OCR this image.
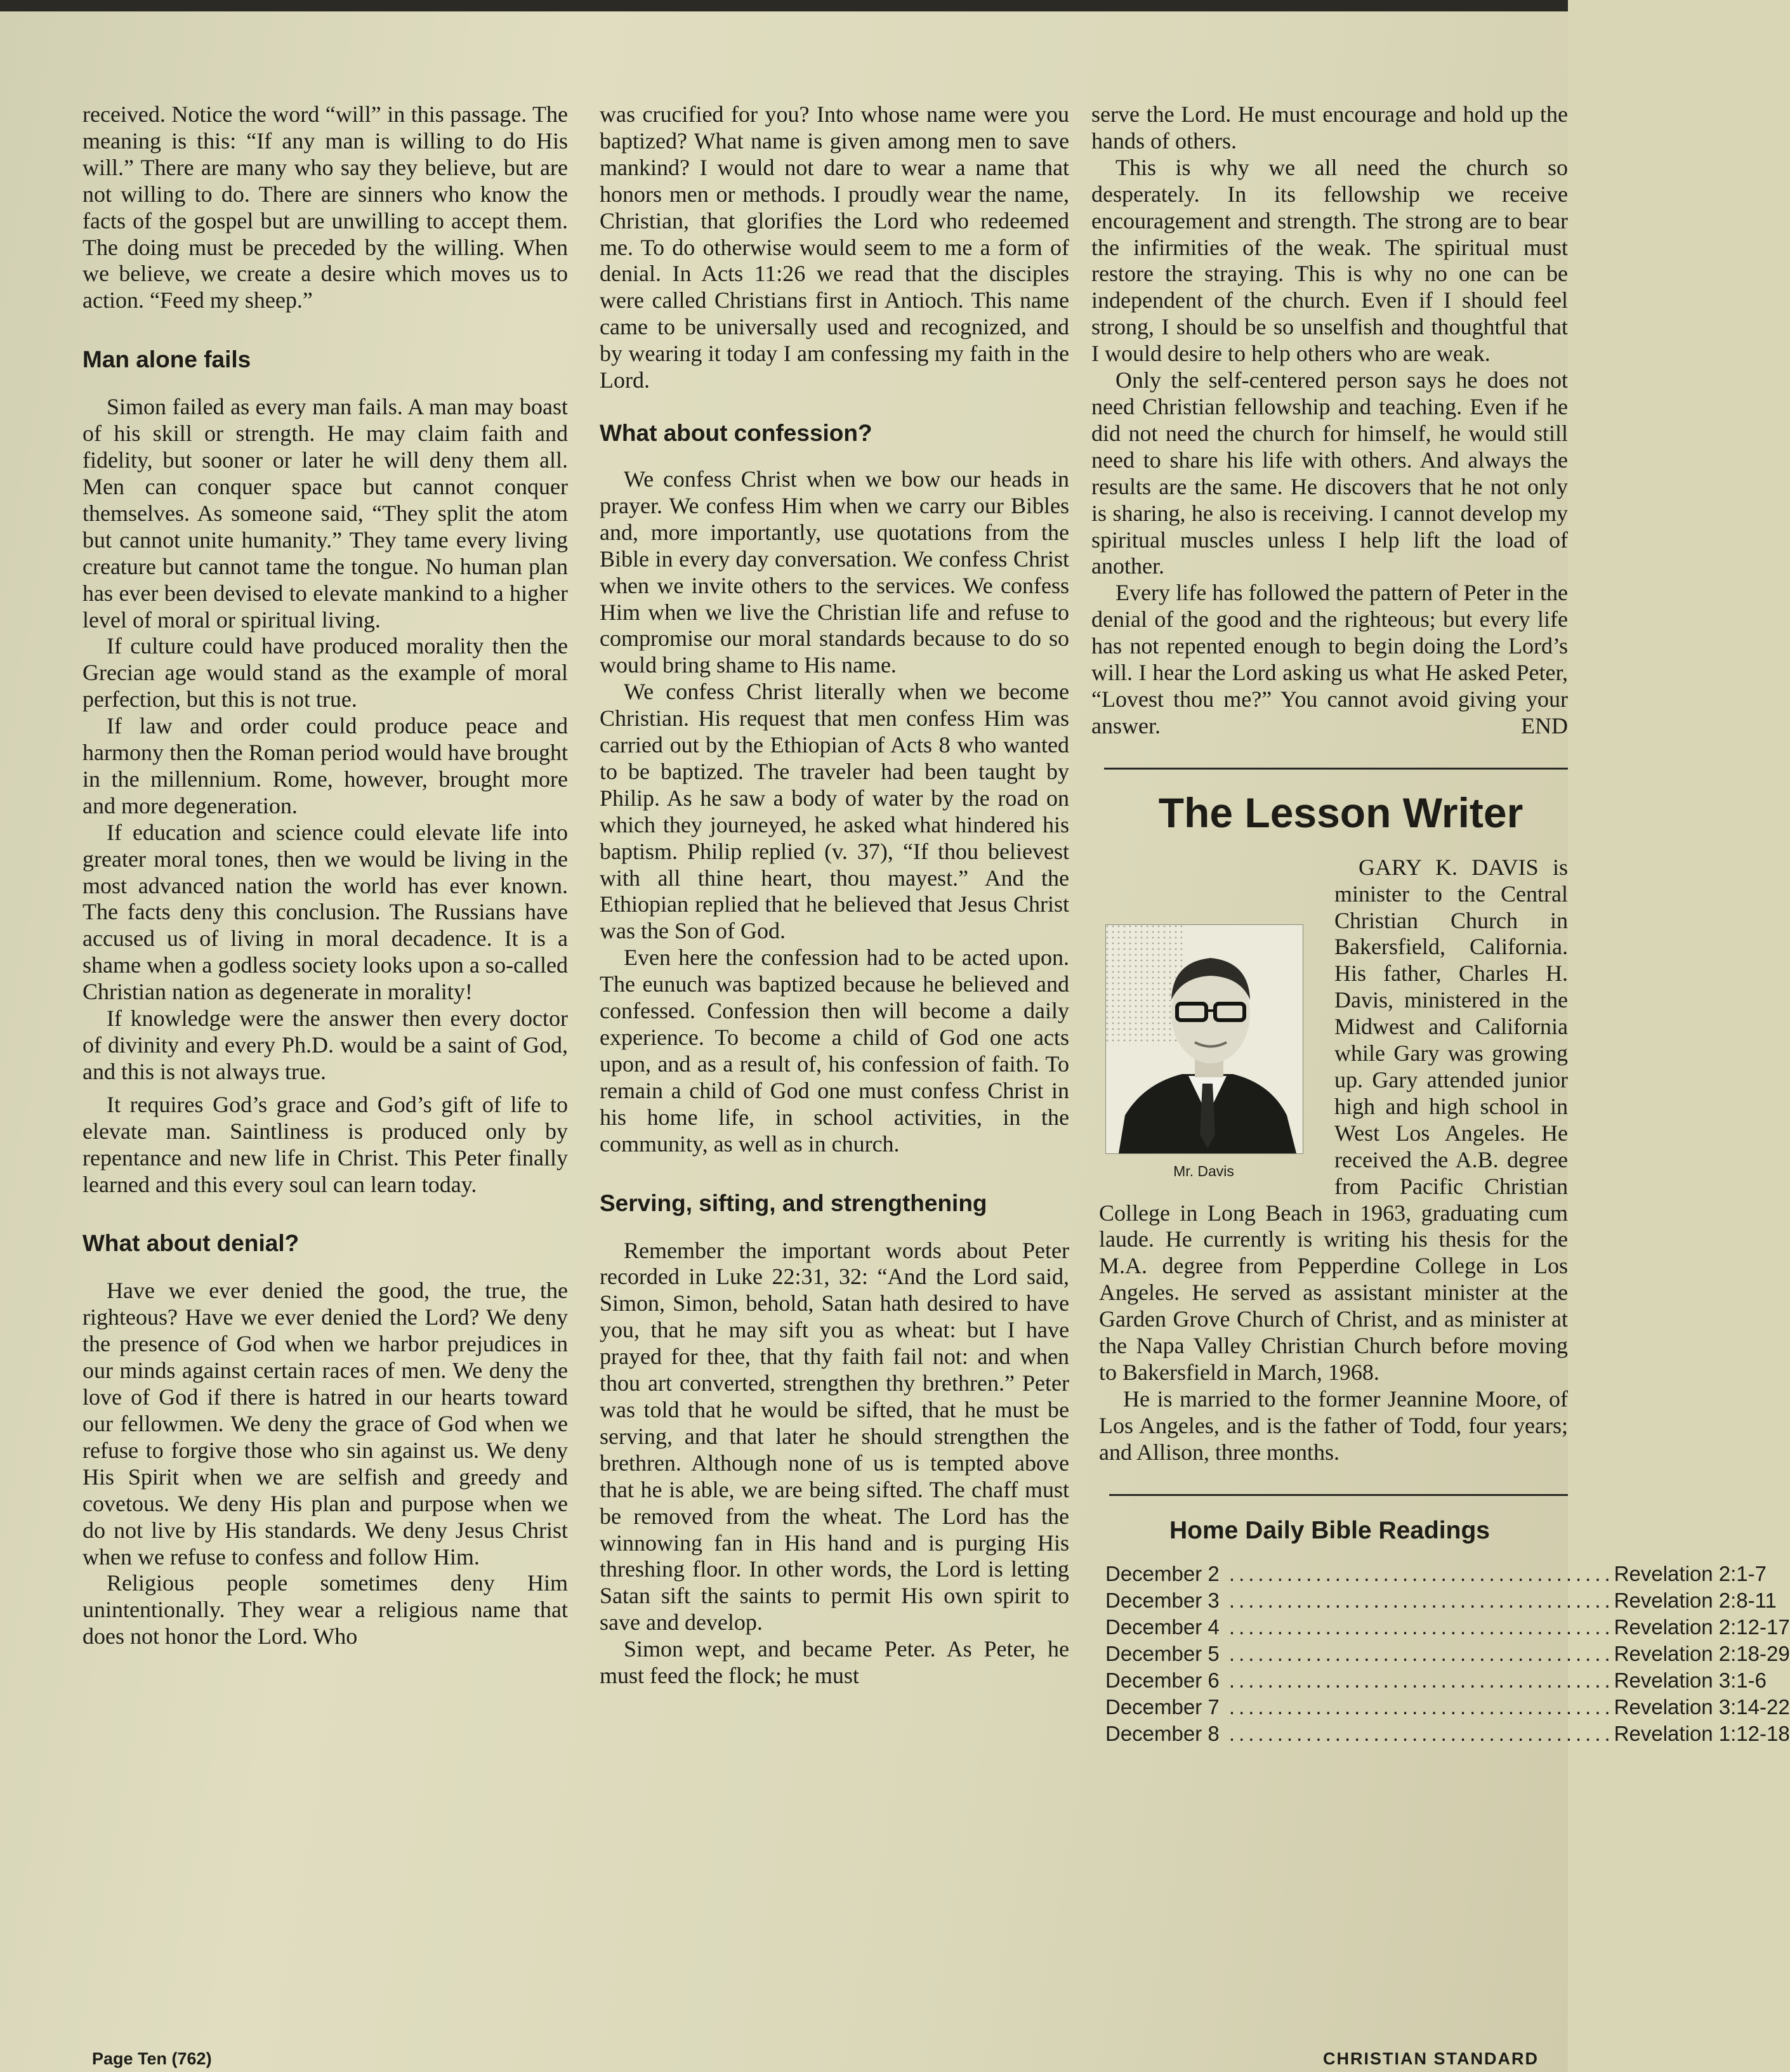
received. Notice the word “will” in this passage. The meaning is this: “If any man is willing to do His will.” There are many who say they believe, but are not willing to do. There are sinners who know the facts of the gospel but are unwilling to accept them. The doing must be preceded by the willing. When we believe, we create a desire which moves us to action. “Feed my sheep.”

Man alone fails

Simon failed as every man fails. A man may boast of his skill or strength. He may claim faith and fidelity, but sooner or later he will deny them all. Men can conquer space but cannot conquer themselves. As someone said, “They split the atom but cannot unite humanity.” They tame every living creature but cannot tame the tongue. No human plan has ever been devised to elevate mankind to a higher level of moral or spiritual living.

If culture could have produced morality then the Grecian age would stand as the example of moral perfection, but this is not true.

If law and order could produce peace and harmony then the Roman period would have brought in the millennium. Rome, however, brought more and more degeneration.

If education and science could elevate life into greater moral tones, then we would be living in the most advanced nation the world has ever known. The facts deny this conclusion. The Russians have accused us of living in moral decadence. It is a shame when a godless society looks upon a so-called Christian nation as degenerate in morality!

If knowledge were the answer then every doctor of divinity and every Ph.D. would be a saint of God, and this is not always true.

It requires God’s grace and God’s gift of life to elevate man. Saintliness is produced only by repentance and new life in Christ. This Peter finally learned and this every soul can learn today.

What about denial?

Have we ever denied the good, the true, the righteous? Have we ever denied the Lord? We deny the presence of God when we harbor prejudices in our minds against certain races of men. We deny the love of God if there is hatred in our hearts toward our fellowmen. We deny the grace of God when we refuse to forgive those who sin against us. We deny His Spirit when we are selfish and greedy and covetous. We deny His plan and purpose when we do not live by His standards. We deny Jesus Christ when we refuse to confess and follow Him.

Religious people sometimes deny Him unintentionally. They wear a religious name that does not honor the Lord. Who

was crucified for you? Into whose name were you baptized? What name is given among men to save mankind? I would not dare to wear a name that honors men or methods. I proudly wear the name, Christian, that glorifies the Lord who redeemed me. To do otherwise would seem to me a form of denial. In Acts 11:26 we read that the disciples were called Christians first in Antioch. This name came to be universally used and recognized, and by wearing it today I am confessing my faith in the Lord.

What about confession?

We confess Christ when we bow our heads in prayer. We confess Him when we carry our Bibles and, more importantly, use quotations from the Bible in every day conversation. We confess Christ when we invite others to the services. We confess Him when we live the Christian life and refuse to compromise our moral standards because to do so would bring shame to His name.

We confess Christ literally when we become Christian. His request that men confess Him was carried out by the Ethiopian of Acts 8 who wanted to be baptized. The traveler had been taught by Philip. As he saw a body of water by the road on which they journeyed, he asked what hindered his baptism. Philip replied (v. 37), “If thou believest with all thine heart, thou mayest.” And the Ethiopian replied that he believed that Jesus Christ was the Son of God.

Even here the confession had to be acted upon. The eunuch was baptized because he believed and confessed. Confession then will become a daily experience. To become a child of God one acts upon, and as a result of, his confession of faith. To remain a child of God one must confess Christ in his home life, in school activities, in the community, as well as in church.

Serving, sifting, and strengthening

Remember the important words about Peter recorded in Luke 22:31, 32: “And the Lord said, Simon, Simon, behold, Satan hath desired to have you, that he may sift you as wheat: but I have prayed for thee, that thy faith fail not: and when thou art converted, strengthen thy brethren.” Peter was told that he would be sifted, that he must be serving, and that later he should strengthen the brethren. Although none of us is tempted above that he is able, we are being sifted. The chaff must be removed from the wheat. The Lord has the winnowing fan in His hand and is purging His threshing floor. In other words, the Lord is letting Satan sift the saints to permit His own spirit to save and develop.

Simon wept, and became Peter. As Peter, he must feed the flock; he must

serve the Lord. He must encourage and hold up the hands of others.

This is why we all need the church so desperately. In its fellowship we receive encouragement and strength. The strong are to bear the infirmities of the weak. The spiritual must restore the straying. This is why no one can be independent of the church. Even if I should feel strong, I should be so unselfish and thoughtful that I would desire to help others who are weak.

Only the self-centered person says he does not need Christian fellowship and teaching. Even if he did not need the church for himself, he would still need to share his life with others. And always the results are the same. He discovers that he not only is sharing, he also is receiving. I cannot develop my spiritual muscles unless I help lift the load of another.

Every life has followed the pattern of Peter in the denial of the good and the righteous; but every life has not repented enough to begin doing the Lord’s will. I hear the Lord asking us what He asked Peter, “Lovest thou me?” You cannot avoid giving your answer.	END

The Lesson Writer
Mr. Davis

GARY K. DAVIS is minister to the Central Christian Church in Bakersfield, California. His father, Charles H. Davis, ministered in the Midwest and California while Gary was growing up. Gary attended junior high and high school in West Los Angeles. He received the A.B. degree from Pacific Christian College in Long Beach in 1963, graduating cum laude. He currently is writing his thesis for the M.A. degree from Pepperdine College in Los Angeles. He served as assistant minister at the Garden Grove Church of Christ, and as minister at the Napa Valley Christian Church before moving to Bakersfield in March, 1968.

He is married to the former Jeannine Moore, of Los Angeles, and is the father of Todd, four years; and Allison, three months.

Home Daily Bible Readings
December 2 ........................................ Revelation 2:1-7
December 3 ........................................ Revelation 2:8-11
December 4 ........................................ Revelation 2:12-17
December 5 ........................................ Revelation 2:18-29
December 6 ........................................ Revelation 3:1-6
December 7 ........................................ Revelation 3:14-22
December 8 ........................................ Revelation 1:12-18
Page Ten (762)	CHRISTIAN STANDARD
